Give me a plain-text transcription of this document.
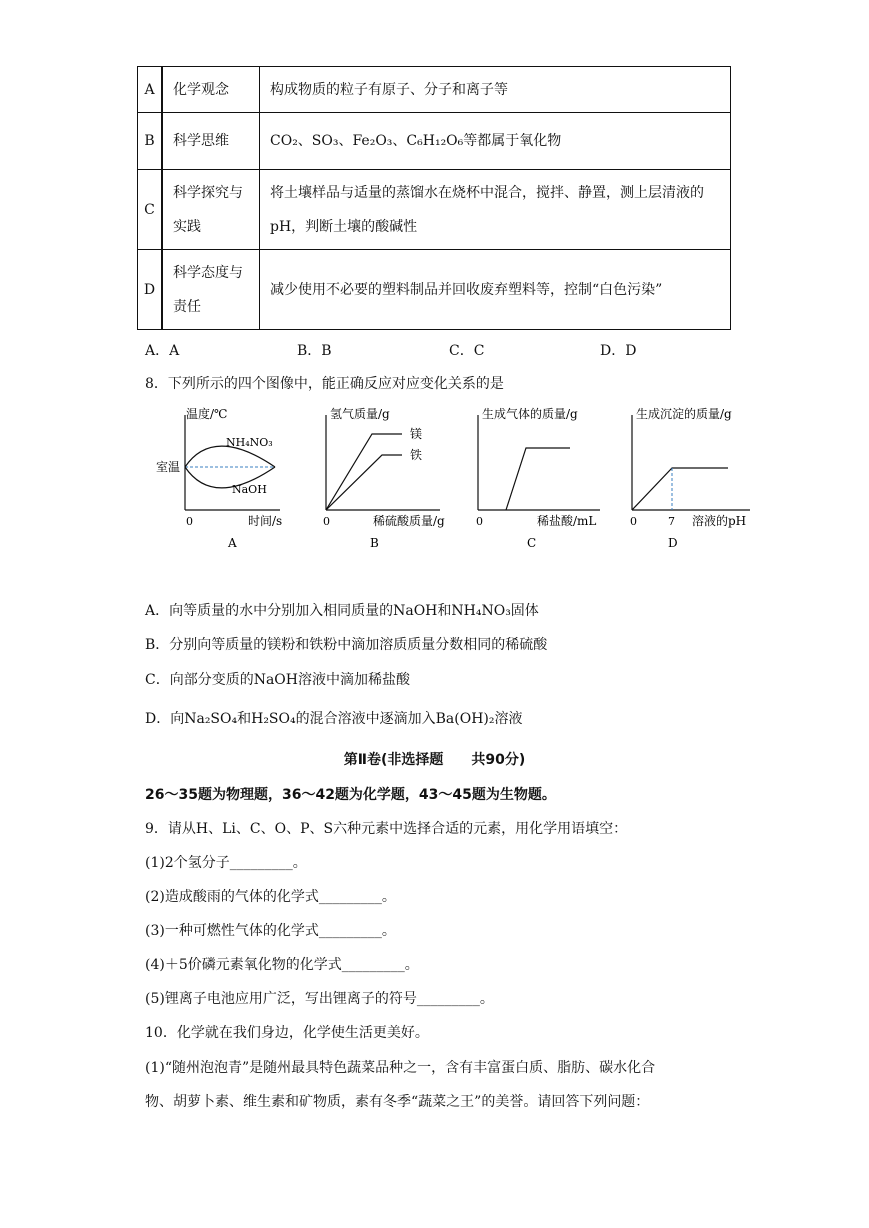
A	化学观念	构成物质的粒子有原子、分子和离子等
B	科学思维	CO₂、SO₃、Fe₂O₃、C₆H₁₂O₆等都属于氧化物
C	科学探究与实践	将土壤样品与适量的蒸馏水在烧杯中混合，搅拌、静置，测上层清液的pH，判断土壤的酸碱性
D	科学态度与责任	减少使用不必要的塑料制品并回收废弃塑料等，控制“白色污染”
A．A	B．B	C．C	D．D
8．下列所示的四个图像中，能正确反应对应变化关系的是
温度/℃
NH₄NO₃
NaOH
室温
0	时间/s
A
氢气质量/g
镁
铁
0	稀硫酸质量/g
B
生成气体的质量/g
0	稀盐酸/mL
C
生成沉淀的质量/g
0	7 溶液的pH
D
A．向等质量的水中分别加入相同质量的NaOH和NH₄NO₃固体
B．分别向等质量的镁粉和铁粉中滴加溶质质量分数相同的稀硫酸
C．向部分变质的NaOH溶液中滴加稀盐酸
D．向Na₂SO₄和H₂SO₄的混合溶液中逐滴加入Ba(OH)₂溶液
第Ⅱ卷(非选择题　　共90分)
26～35题为物理题，36～42题为化学题，43～45题为生物题。
9．请从H、Li、C、O、P、S六种元素中选择合适的元素，用化学用语填空：
(1)2个氢分子_________。
(2)造成酸雨的气体的化学式_________。
(3)一种可燃性气体的化学式_________。
(4)＋5价磷元素氧化物的化学式_________。
(5)锂离子电池应用广泛，写出锂离子的符号_________。
10．化学就在我们身边，化学使生活更美好。
(1)“随州泡泡青”是随州最具特色蔬菜品种之一，含有丰富蛋白质、脂肪、碳水化合
物、胡萝卜素、维生素和矿物质，素有冬季“蔬菜之王”的美誉。请回答下列问题：
